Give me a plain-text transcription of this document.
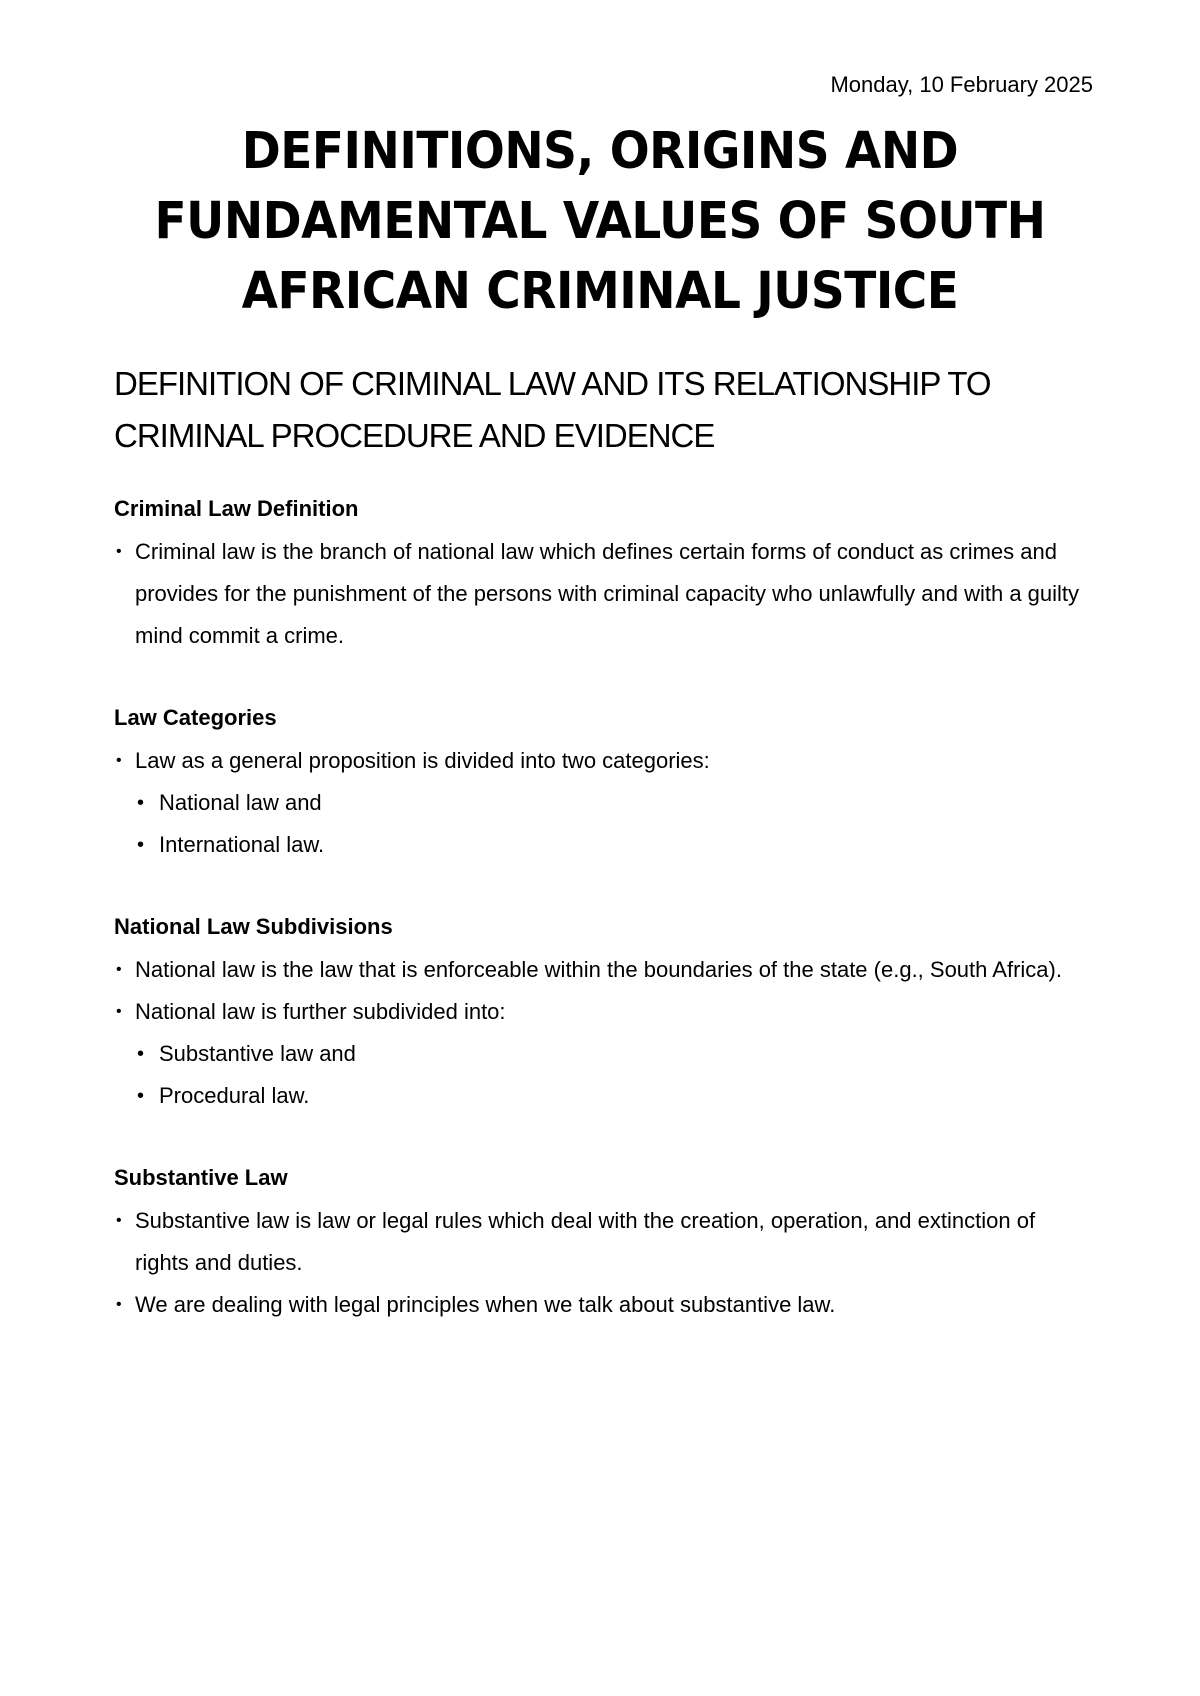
Monday, 10 February 2025
DEFINITIONS, ORIGINS AND
FUNDAMENTAL VALUES OF SOUTH
AFRICAN CRIMINAL JUSTICE
DEFINITION OF CRIMINAL LAW AND ITS RELATIONSHIP TO
CRIMINAL PROCEDURE AND EVIDENCE
Criminal Law Definition
• Criminal law is the branch of national law which defines certain forms of conduct as crimes and provides for the punishment of the persons with criminal capacity who unlawfully and with a guilty mind commit a crime.
Law Categories
• Law as a general proposition is divided into two categories:
• National law and
• International law.
National Law Subdivisions
• National law is the law that is enforceable within the boundaries of the state (e.g., South Africa).
• National law is further subdivided into:
• Substantive law and
• Procedural law.
Substantive Law
• Substantive law is law or legal rules which deal with the creation, operation, and extinction of rights and duties.
• We are dealing with legal principles when we talk about substantive law.
